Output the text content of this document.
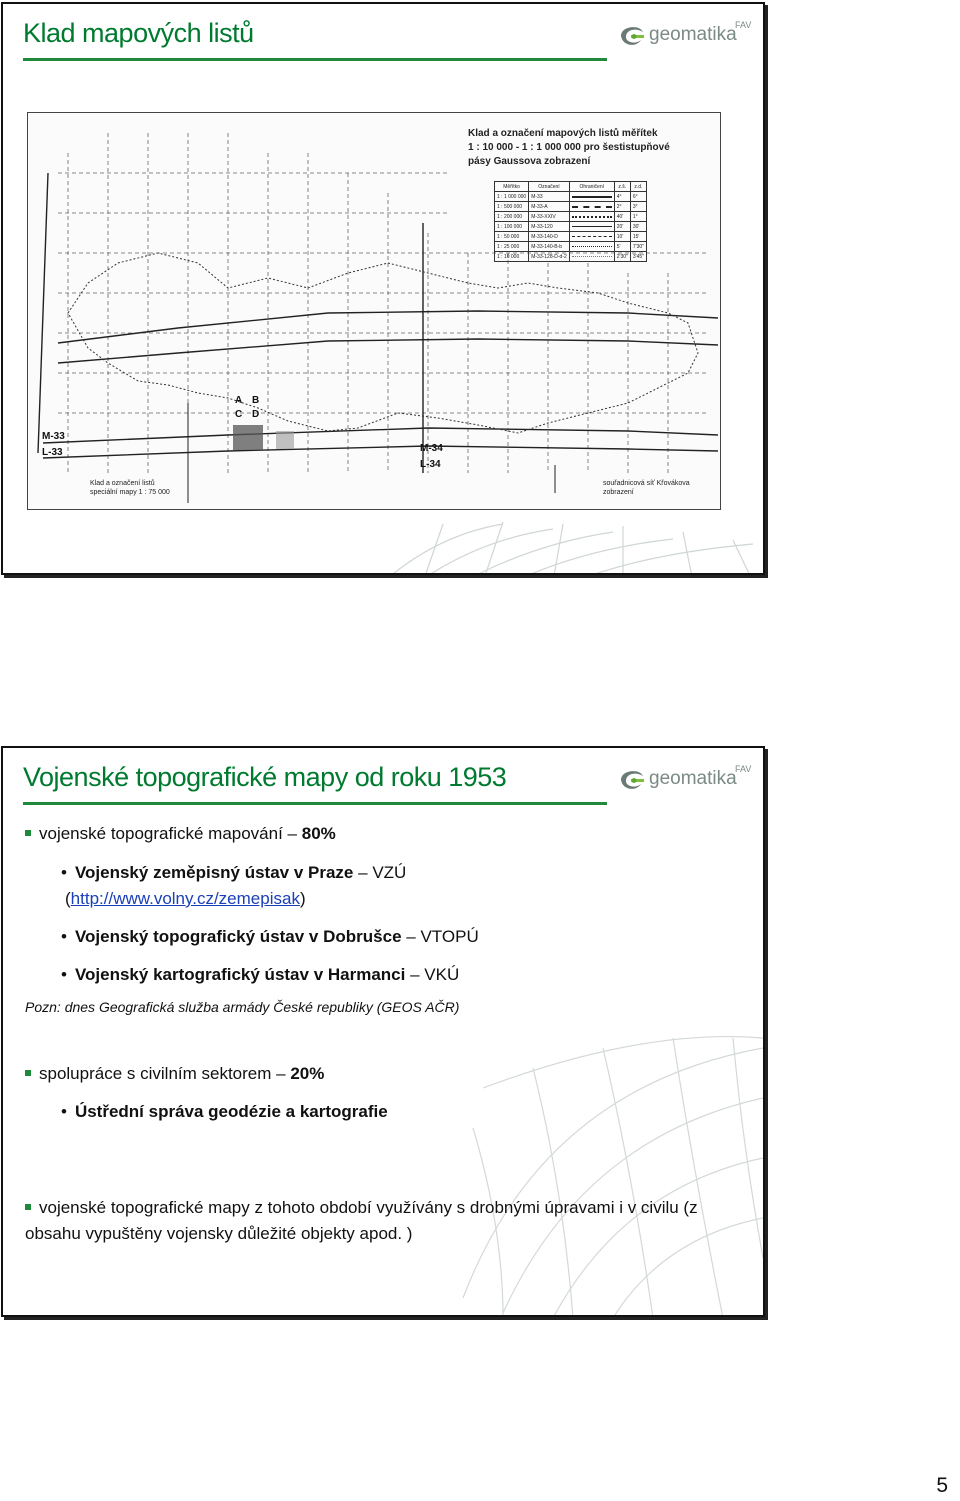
Klad mapových listů	geomatika
FAV
Klad a označení mapových listů měřítek
1 : 10 000 - 1 : 1 000 000 pro šestistupňové
pásy Gaussova zobrazení
Měřítko	Označení	Ohraničení	z.š.	z.d.
1 : 1 000 000	M-33		4°	6°
1 : 500 000	M-33-A		2°	3°
1 : 200 000	M-33-XXIV		40'	1°
1 : 100 000	M-33-120		20'	30'
1 : 50 000	M-33-140-D		10'	15'
1 : 25 000	M-33-140-B-b		5'	7'30"
1 : 10 000	M-33-128-D-d-2		2'30"	3'45"
M-33
L-33	M-34
L-34
A B
C D
Klad a označení listů
speciální mapy 1 : 75 000
souřadnicová síť Křovákova zobrazení
Vojenské topografické mapy od roku 1953	geomatika
FAV
vojenské topografické mapování – 80%
• Vojenský zeměpisný ústav v Praze – VZÚ
(http://www.volny.cz/zemepisak)
• Vojenský topografický ústav v Dobrušce – VTOPÚ
• Vojenský kartografický ústav v Harmanci – VKÚ
Pozn: dnes Geografická služba armády České republiky (GEOS AČR)
spolupráce s civilním sektorem – 20%
• Ústřední správa geodézie a kartografie
vojenské topografické mapy z tohoto období využívány s drobnými úpravami i v civilu (z obsahu vypuštěny vojensky důležité objekty apod. )
5
